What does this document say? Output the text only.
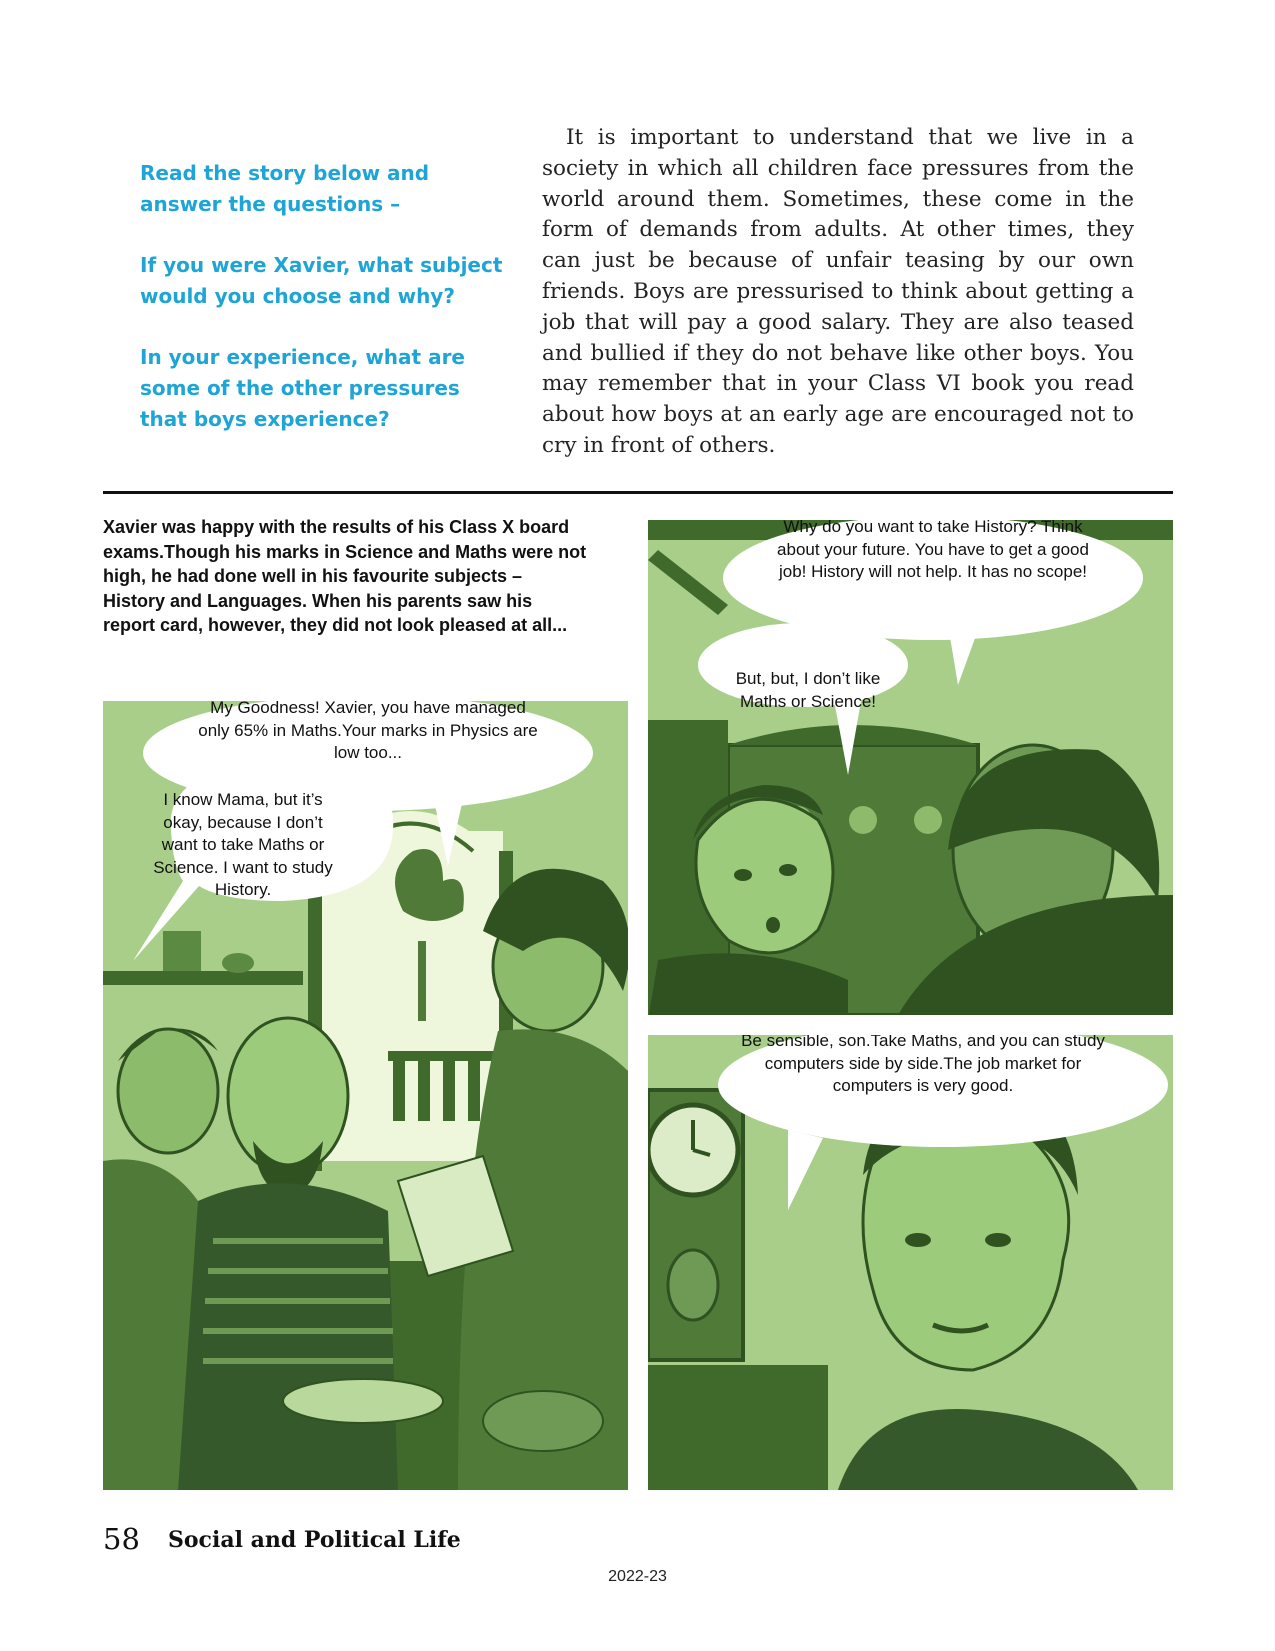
Read the story below and answer the questions –

If you were Xavier, what subject would you choose and why?

In your experience, what are some of the other pressures that boys experience?

It is important to understand that we live in a society in which all children face pressures from the world around them. Sometimes, these come in the form of demands from adults. At other times, they can just be because of unfair teasing by our own friends. Boys are pressurised to think about getting a job that will pay a good salary. They are also teased and bullied if they do not behave like other boys. You may remember that in your Class VI book you read about how boys at an early age are encouraged not to cry in front of others.

Xavier was happy with the results of his Class X board exams.Though his marks in Science and Maths were not high, he had done well in his favourite subjects – History and Languages. When his parents saw his report card, however, they did not look pleased at all...

My Goodness! Xavier, you have managed only 65% in Maths.Your marks in Physics are low too...
I know Mama, but it’s okay, because I don’t want to take Maths or Science. I want to study History.
Why do you want to take History? Think about your future. You have to get a good job! History will not help. It has no scope!
But, but, I don’t like Maths or Science!
Be sensible, son.Take Maths, and you can study computers side by side.The job market for computers is very good.
58 Social and Political Life
2022-23
